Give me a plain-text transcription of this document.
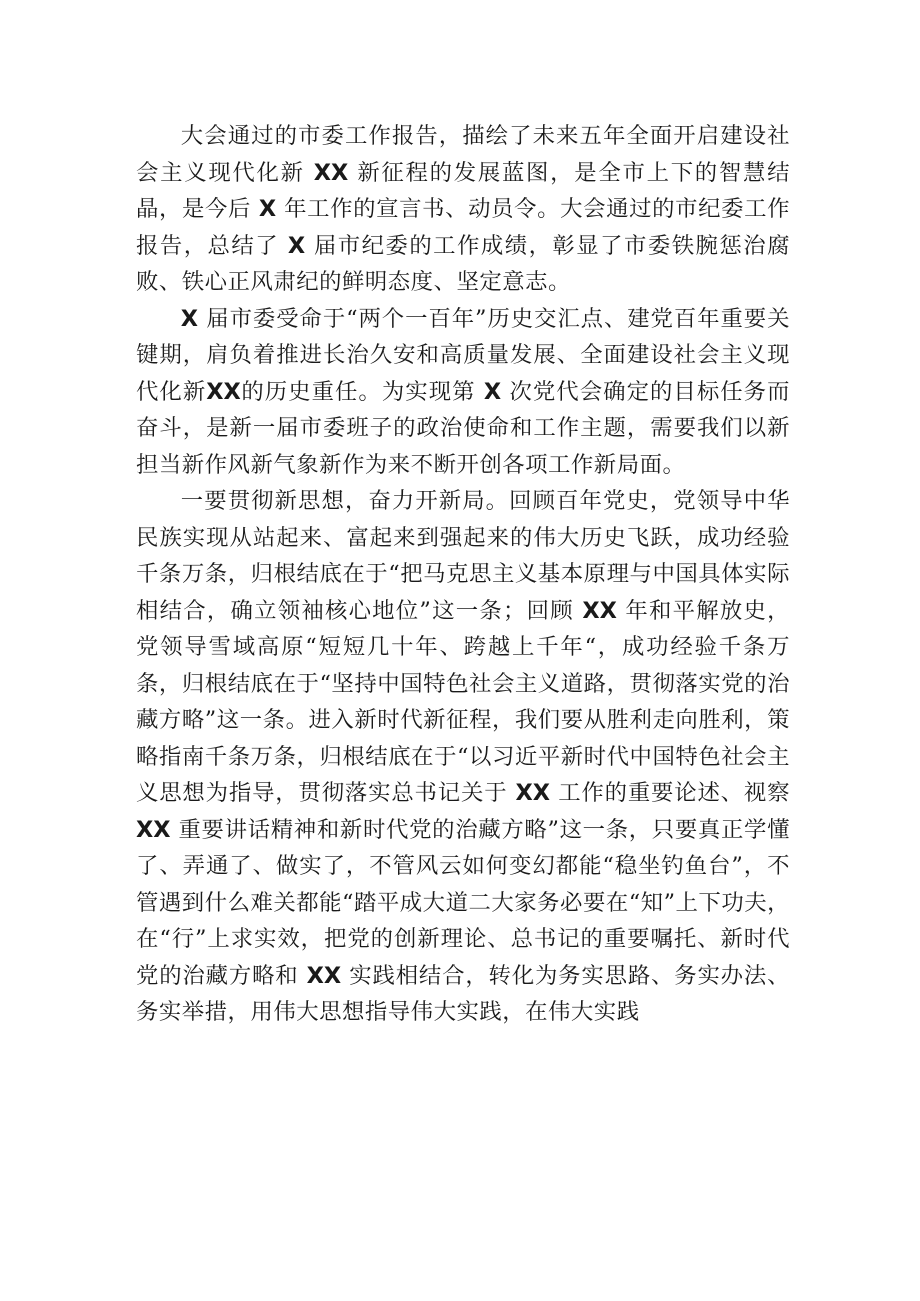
大会通过的市委工作报告，描绘了未来五年全面开启建设社会主义现代化新 XX 新征程的发展蓝图，是全市上下的智慧结晶，是今后 X 年工作的宣言书、动员令。大会通过的市纪委工作报告，总结了 X 届市纪委的工作成绩，彰显了市委铁腕惩治腐败、铁心正风肃纪的鲜明态度、坚定意志。

X 届市委受命于“两个一百年”历史交汇点、建党百年重要关键期，肩负着推进长治久安和高质量发展、全面建设社会主义现代化新XX的历史重任。为实现第 X 次党代会确定的目标任务而奋斗，是新一届市委班子的政治使命和工作主题，需要我们以新担当新作风新气象新作为来不断开创各项工作新局面。

一要贯彻新思想，奋力开新局。回顾百年党史，党领导中华民族实现从站起来、富起来到强起来的伟大历史飞跃，成功经验千条万条，归根结底在于“把马克思主义基本原理与中国具体实际相结合，确立领袖核心地位”这一条；回顾 XX 年和平解放史，党领导雪域高原“短短几十年、跨越上千年“，成功经验千条万条，归根结底在于“坚持中国特色社会主义道路，贯彻落实党的治藏方略”这一条。进入新时代新征程，我们要从胜利走向胜利，策略指南千条万条，归根结底在于“以习近平新时代中国特色社会主义思想为指导，贯彻落实总书记关于 XX 工作的重要论述、视察 XX 重要讲话精神和新时代党的治藏方略”这一条，只要真正学懂了、弄通了、做实了，不管风云如何变幻都能“稳坐钓鱼台”，不管遇到什么难关都能“踏平成大道二大家务必要在“知”上下功夫，在“行”上求实效，把党的创新理论、总书记的重要嘱托、新时代党的治藏方略和 XX 实践相结合，转化为务实思路、务实办法、务实举措，用伟大思想指导伟大实践，在伟大实践
